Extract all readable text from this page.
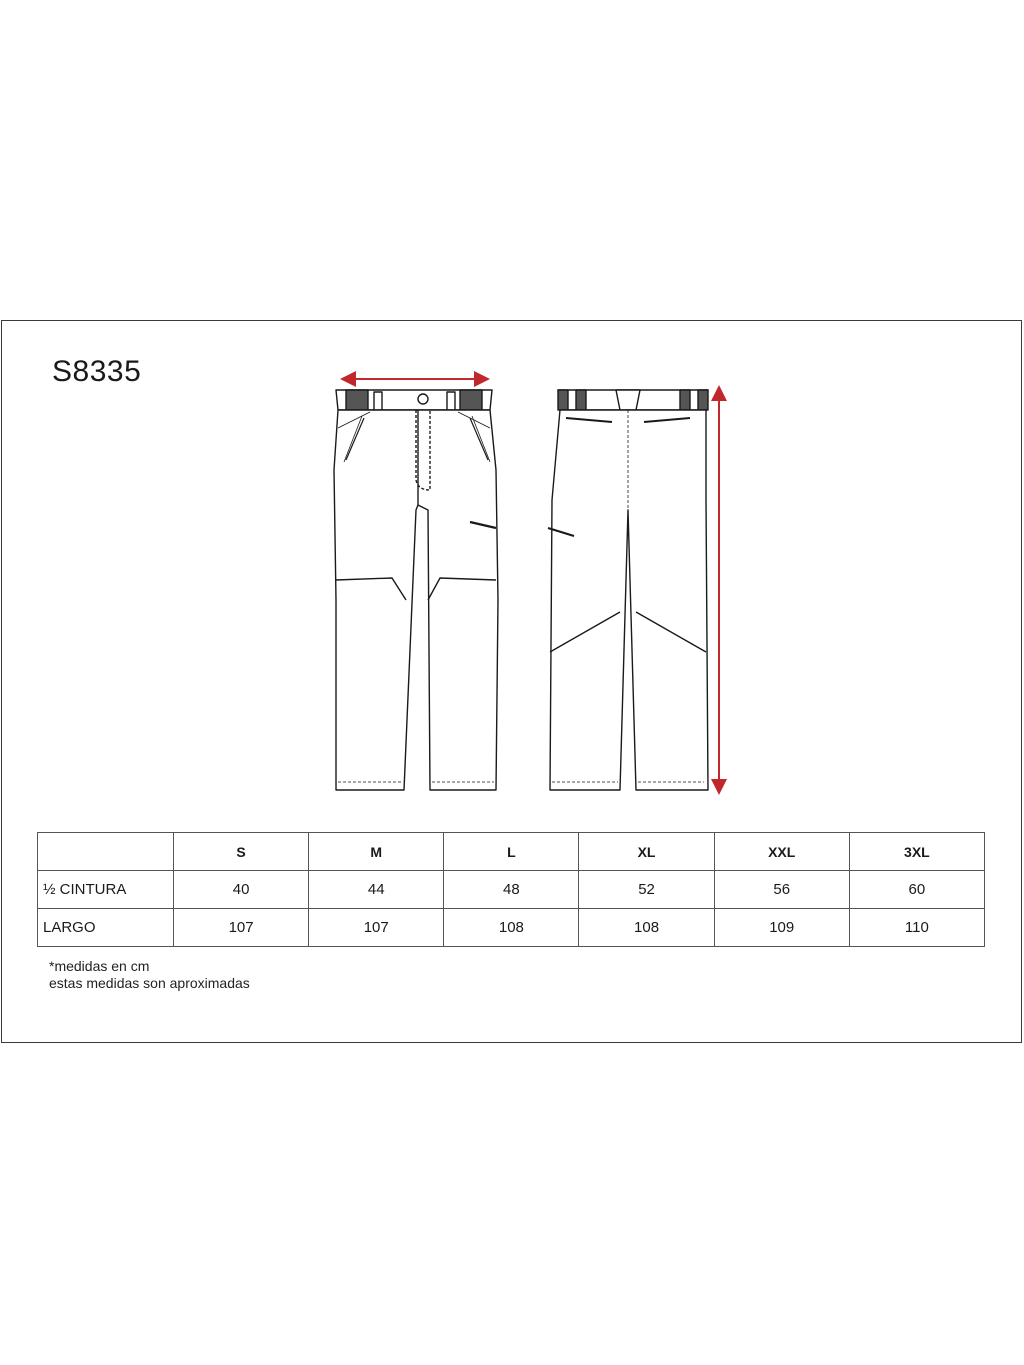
S8335
	S	M	L	XL	XXL	3XL
½ CINTURA	40	44	48	52	56	60
LARGO	107	107	108	108	109	110
*medidas en cm
estas medidas son aproximadas
